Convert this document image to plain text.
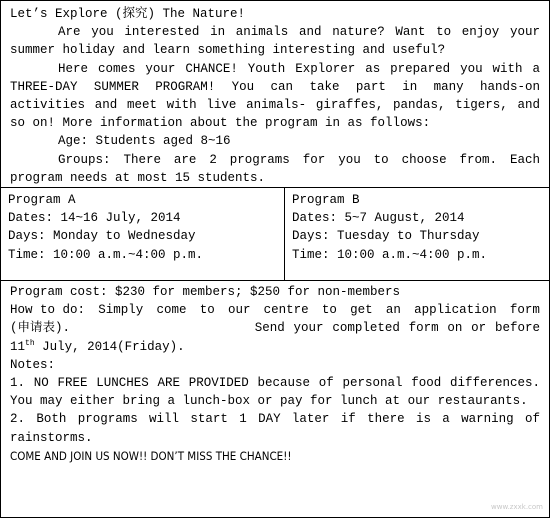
Let’s Explore (探究) The Nature!

Are you interested in animals and nature? Want to enjoy your summer holiday and learn something interesting and useful?

Here comes your CHANCE! Youth Explorer as prepared you with a THREE-DAY SUMMER PROGRAM! You can take part in many hands-on activities and meet with live animals- giraffes, pandas, tigers, and so on! More information about the program in as follows:

Age: Students aged 8~16

Groups: There are 2 programs for you to choose from. Each program needs at most 15 students.

Program A

Dates: 14~16 July, 2014

Days: Monday to Wednesday

Time: 10:00 a.m.~4:00 p.m.

Program B

Dates: 5~7 August, 2014

Days: Tuesday to Thursday

Time: 10:00 a.m.~4:00 p.m.

Program cost: $230 for members; $250 for non-members

How to do: Simply come to our centre to get an application form
(申请表).	Send your completed form on or before

11th July, 2014(Friday).

Notes:

1. NO FREE LUNCHES ARE PROVIDED because of personal food differences. You may either bring a lunch-box or pay for lunch at our restaurants.

2. Both programs will start 1 DAY later if there is a warning of rainstorms.

COME AND JOIN US NOW!! DON’T MISS THE CHANCE!!

www.zxxk.com
